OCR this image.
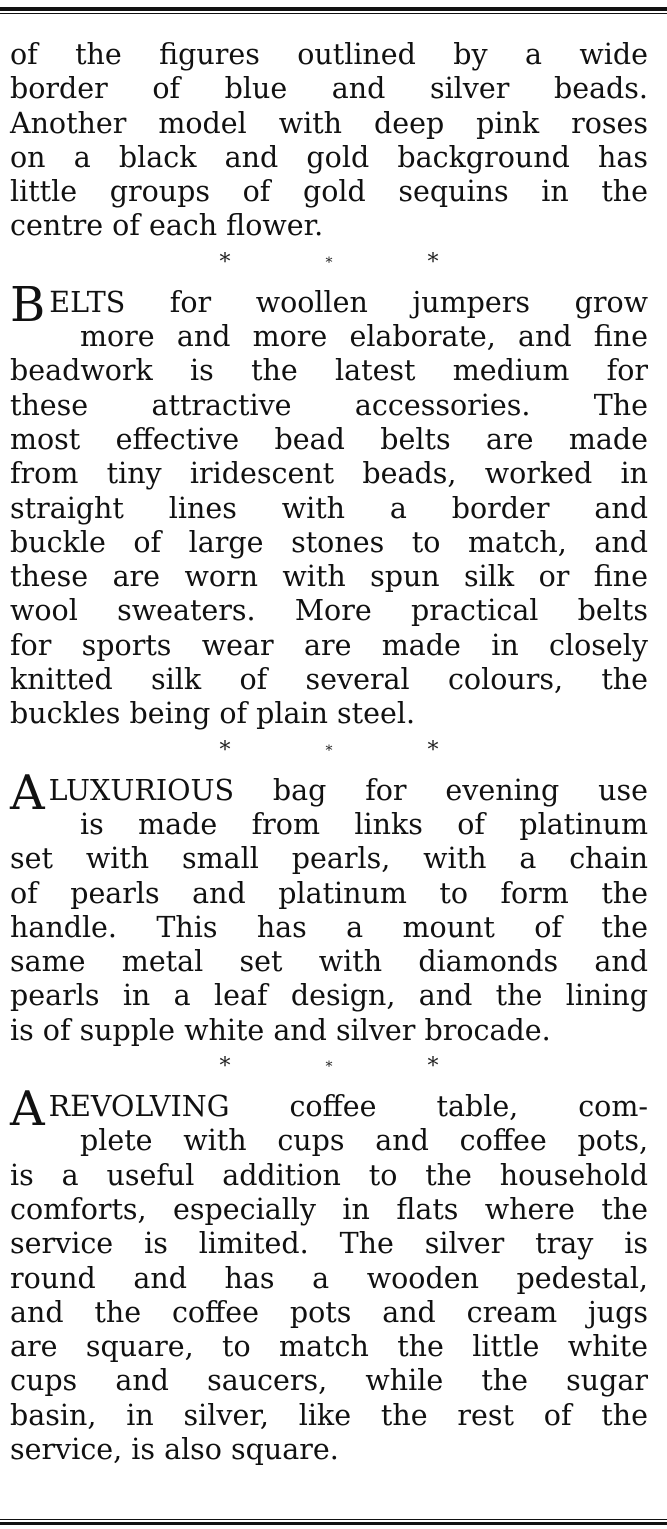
of the figures outlined by a wide
border of blue and silver beads.
Another model with deep pink roses
on a black and gold background has
little groups of gold sequins in the
centre of each flower.

*	*	*

BELTS for woollen jumpers grow
more and more elaborate, and fine
beadwork is the latest medium for
these attractive accessories. The
most effective bead belts are made
from tiny iridescent beads, worked in
straight lines with a border and
buckle of large stones to match, and
these are worn with spun silk or fine
wool sweaters. More practical belts
for sports wear are made in closely
knitted silk of several colours, the
buckles being of plain steel.

*	*	*

ALUXURIOUS bag for evening use
is made from links of platinum
set with small pearls, with a chain
of pearls and platinum to form the
handle. This has a mount of the
same metal set with diamonds and
pearls in a leaf design, and the lining
is of supple white and silver brocade.

*	*	*

AREVOLVING coffee table, com-
plete with cups and coffee pots,
is a useful addition to the household
comforts, especially in flats where the
service is limited. The silver tray is
round and has a wooden pedestal,
and the coffee pots and cream jugs
are square, to match the little white
cups and saucers, while the sugar
basin, in silver, like the rest of the
service, is also square.
